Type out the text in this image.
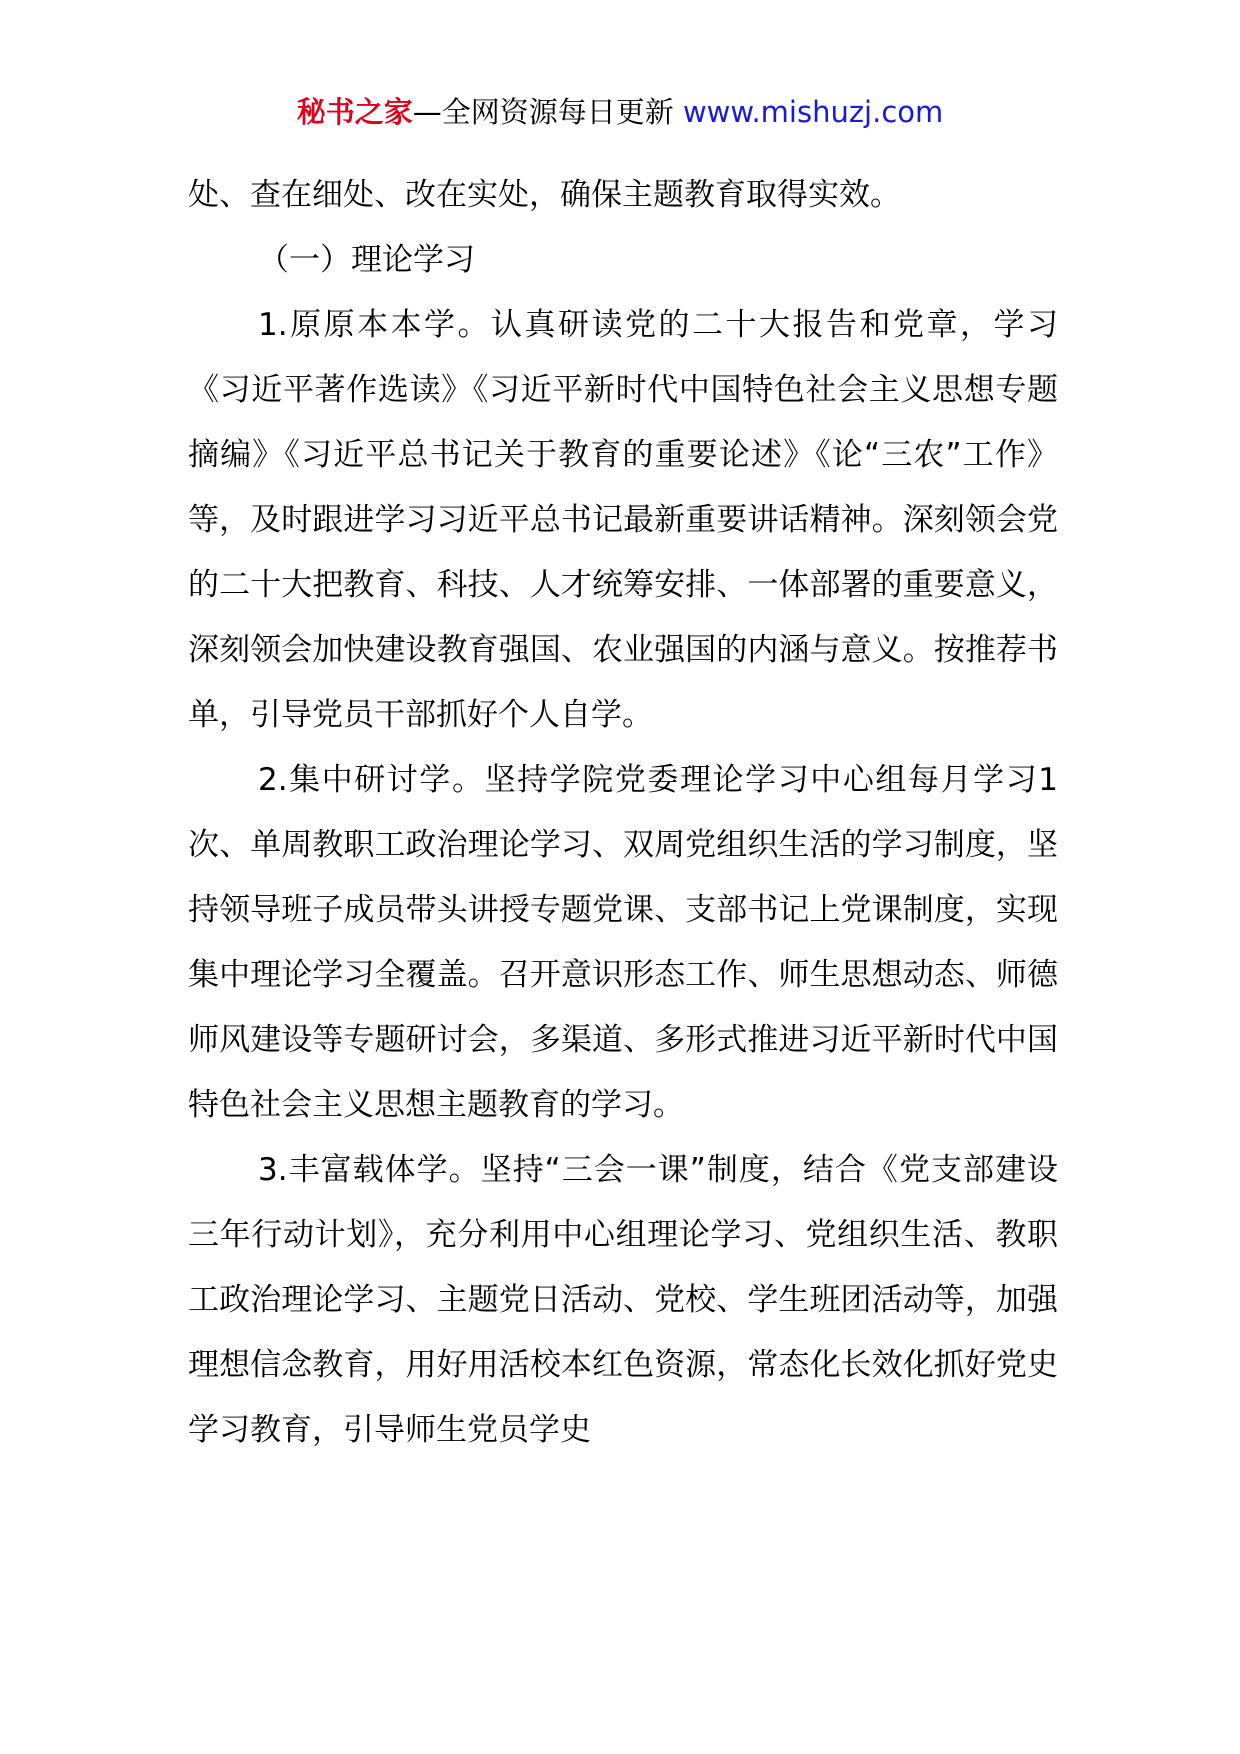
秘书之家—全网资源每日更新 www.mishuzj.com

处、查在细处、改在实处，确保主题教育取得实效。

（一）理论学习

1.原原本本学。认真研读党的二十大报告和党章，学习《习近平著作选读》《习近平新时代中国特色社会主义思想专题摘编》《习近平总书记关于教育的重要论述》《论“三农”工作》等，及时跟进学习习近平总书记最新重要讲话精神。深刻领会党的二十大把教育、科技、人才统筹安排、一体部署的重要意义，深刻领会加快建设教育强国、农业强国的内涵与意义。按推荐书单，引导党员干部抓好个人自学。

2.集中研讨学。坚持学院党委理论学习中心组每月学习1次、单周教职工政治理论学习、双周党组织生活的学习制度，坚持领导班子成员带头讲授专题党课、支部书记上党课制度，实现集中理论学习全覆盖。召开意识形态工作、师生思想动态、师德师风建设等专题研讨会，多渠道、多形式推进习近平新时代中国特色社会主义思想主题教育的学习。

3.丰富载体学。坚持“三会一课”制度，结合《党支部建设三年行动计划》，充分利用中心组理论学习、党组织生活、教职工政治理论学习、主题党日活动、党校、学生班团活动等，加强理想信念教育，用好用活校本红色资源，常态化长效化抓好党史学习教育，引导师生党员学史
